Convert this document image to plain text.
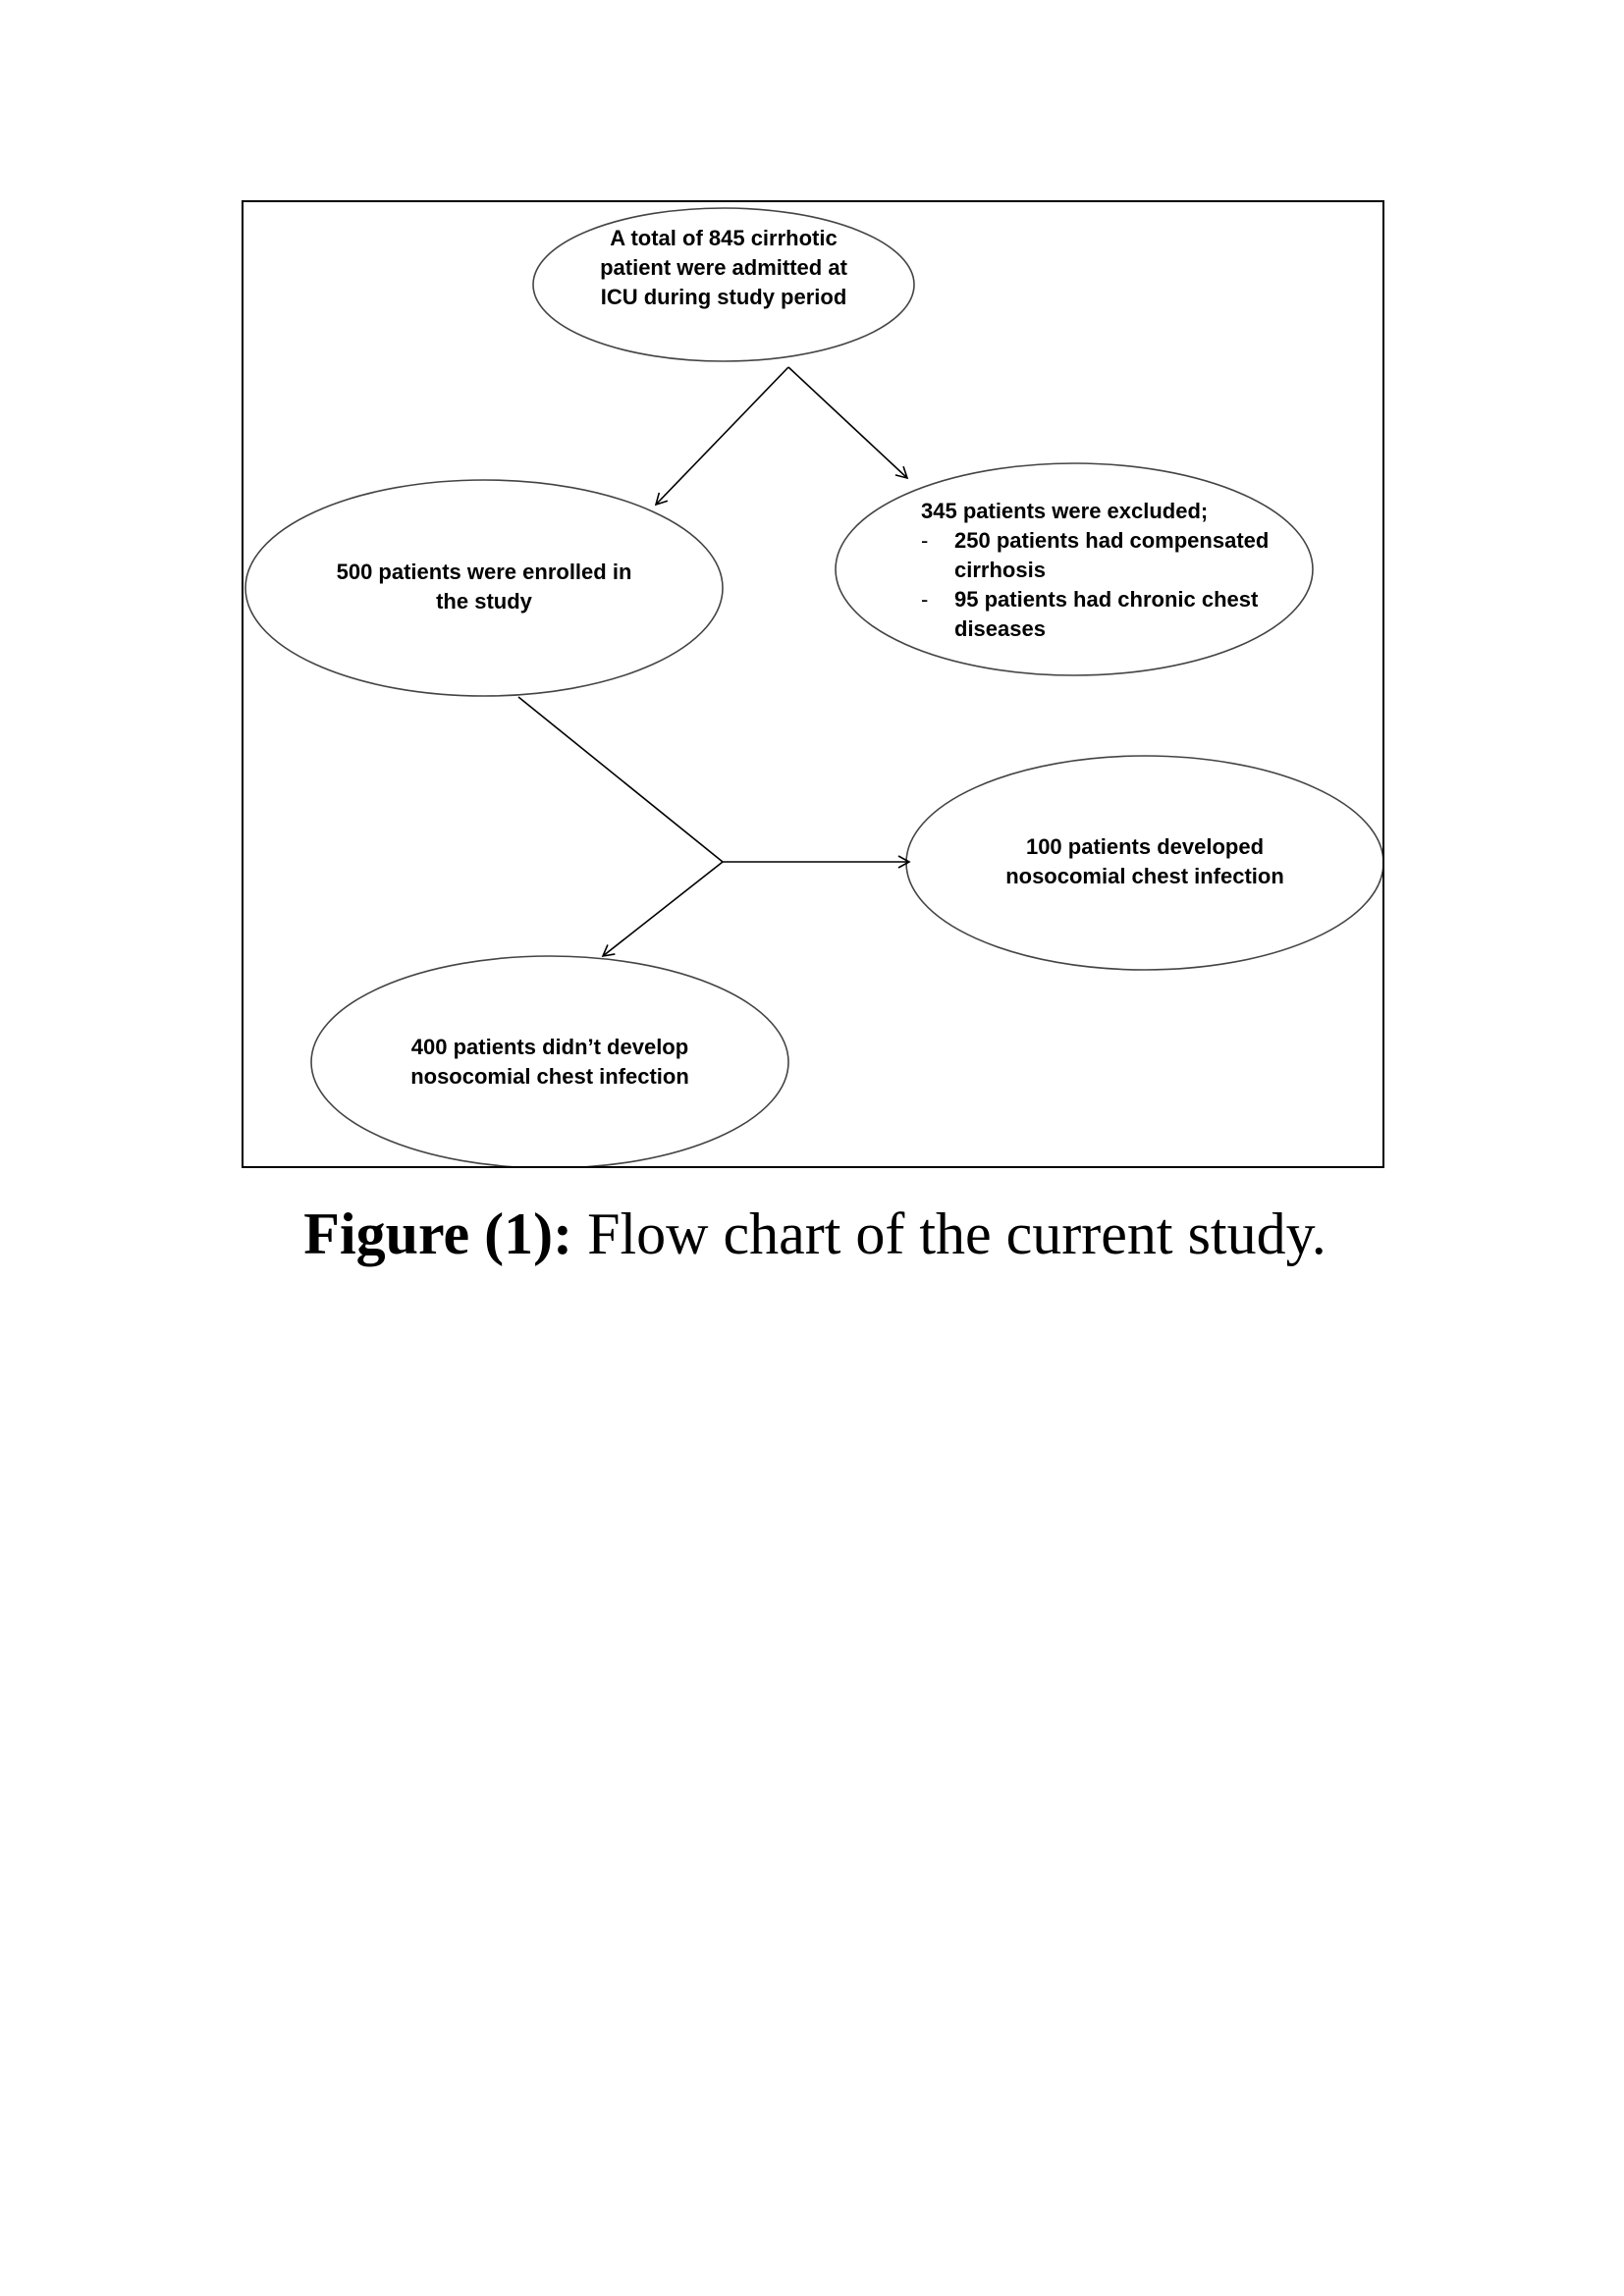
A total of 845 cirrhotic patient were admitted at ICU during study period
500 patients were enrolled in the study
345 patients were excluded;
- 250 patients had compensated cirrhosis
- 95 patients had chronic chest diseases
100 patients developed nosocomial chest infection
400 patients didn’t develop nosocomial chest infection
Figure (1): Flow chart of the current study.
